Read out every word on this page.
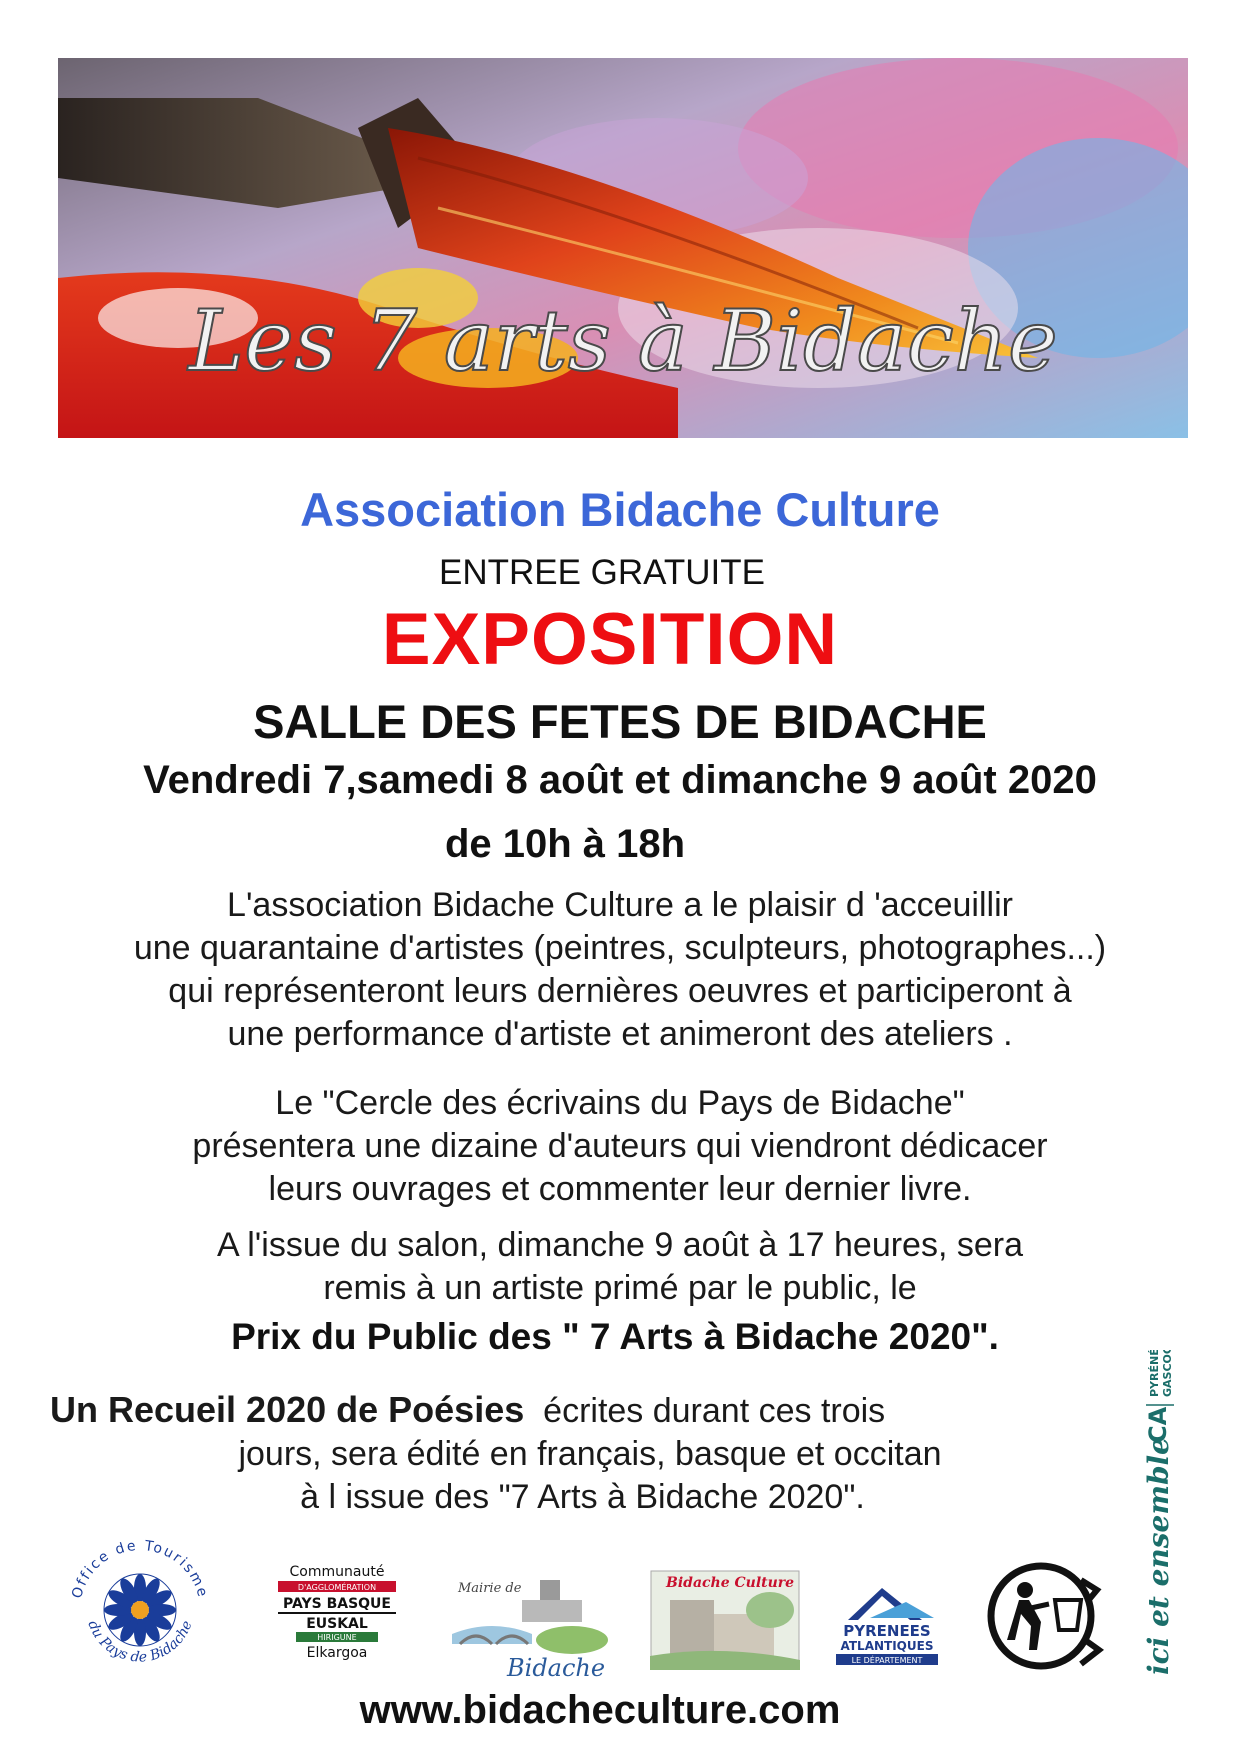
Les 7 arts à Bidache
Association Bidache Culture
ENTREE GRATUITE
EXPOSITION
SALLE DES FETES DE BIDACHE
Vendredi 7,samedi 8 août et dimanche 9 août 2020
de 10h à 18h
L'association Bidache Culture a le plaisir d 'acceuillir
une quarantaine d'artistes (peintres, sculpteurs, photographes...)
qui représenteront leurs dernières oeuvres et participeront à
une performance d'artiste et animeront des ateliers .
Le "Cercle des écrivains du Pays de Bidache"
présentera une dizaine d'auteurs qui viendront dédicacer
leurs ouvrages et commenter leur dernier livre.
A l'issue du salon, dimanche 9 août à 17 heures, sera
remis à un artiste primé par le public, le
Prix du Public des " 7 Arts à Bidache 2020".
Un Recueil 2020 de Poésies écrites durant ces trois
jours, sera édité en français, basque et occitan
à l issue des "7 Arts à Bidache 2020".	ici et ensemble
CA
PYRÉNÉES GASCOGNE
Office de Tourisme
du Pays de Bidache
Communauté
D'AGGLOMÉRATION
PAYS BASQUE
EUSKAL
HIRIGUNE
Elkargoa
Mairie de
Bidache
Bidache Culture
PYRENEES
ATLANTIQUES
LE DÉPARTEMENT
www.bidacheculture.com
